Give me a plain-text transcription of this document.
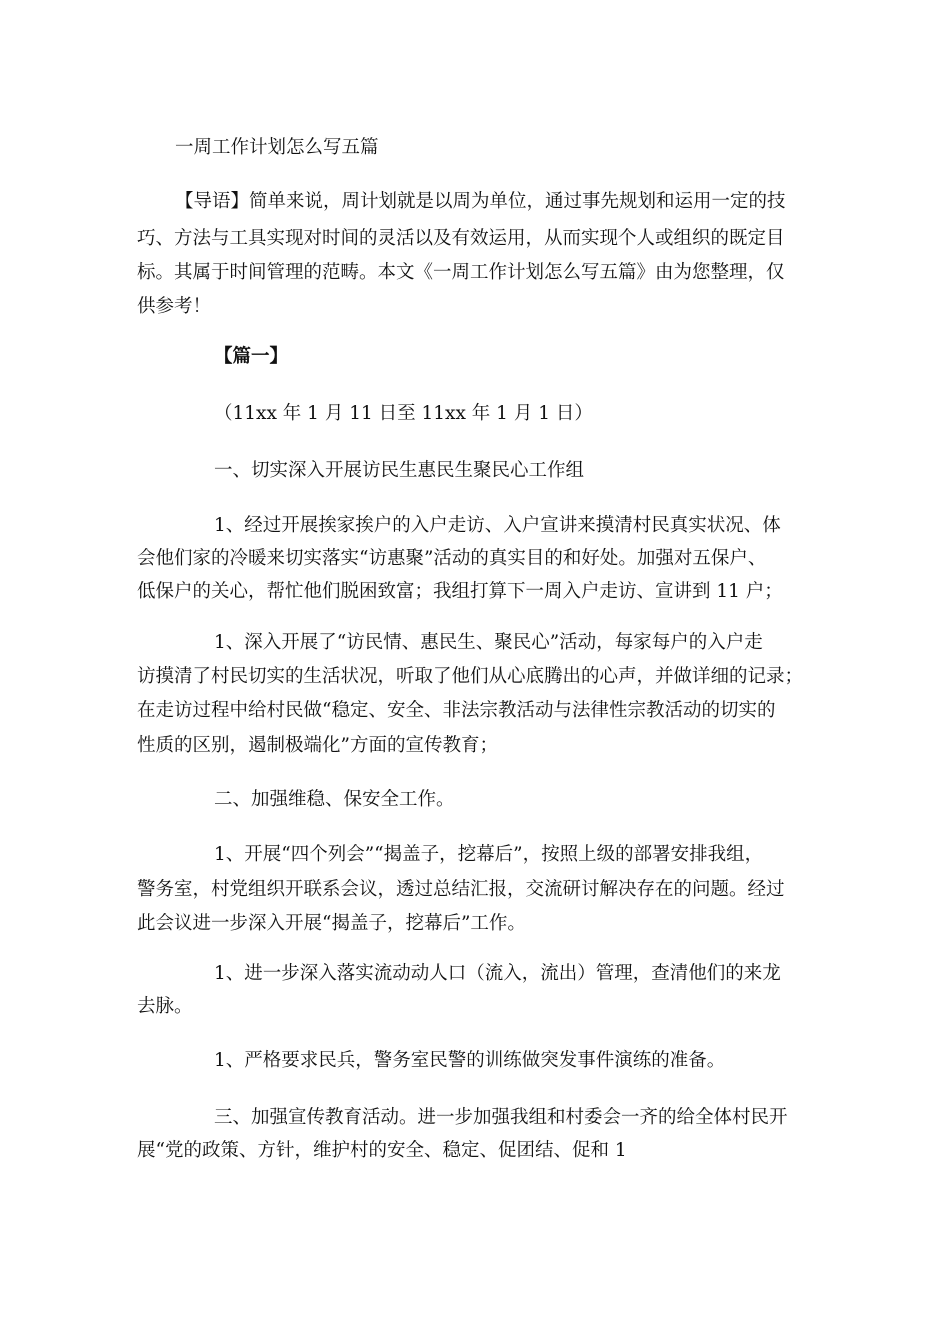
一周工作计划怎么写五篇
【导语】简单来说，周计划就是以周为单位，通过事先规划和运用一定的技
巧、方法与工具实现对时间的灵活以及有效运用，从而实现个人或组织的既定目
标。其属于时间管理的范畴。本文《一周工作计划怎么写五篇》由为您整理，仅
供参考！
【篇一】
（11xx 年 1 月 11 日至 11xx 年 1 月 1 日）
一、切实深入开展访民生惠民生聚民心工作组
1、经过开展挨家挨户的入户走访、入户宣讲来摸清村民真实状况、体
会他们家的冷暖来切实落实“访惠聚”活动的真实目的和好处。加强对五保户、
低保户的关心，帮忙他们脱困致富；我组打算下一周入户走访、宣讲到 11 户；
1、深入开展了“访民情、惠民生、聚民心”活动，每家每户的入户走
访摸清了村民切实的生活状况，听取了他们从心底腾出的心声，并做详细的记录；
在走访过程中给村民做“稳定、安全、非法宗教活动与法律性宗教活动的切实的
性质的区别，遏制极端化”方面的宣传教育；
二、加强维稳、保安全工作。
1、开展“四个列会”“揭盖子，挖幕后”，按照上级的部署安排我组，
警务室，村党组织开联系会议，透过总结汇报，交流研讨解决存在的问题。经过
此会议进一步深入开展“揭盖子，挖幕后”工作。
1、进一步深入落实流动动人口（流入，流出）管理，查清他们的来龙
去脉。
1、严格要求民兵，警务室民警的训练做突发事件演练的准备。
三、加强宣传教育活动。进一步加强我组和村委会一齐的给全体村民开
展“党的政策、方针，维护村的安全、稳定、促团结、促和 1
